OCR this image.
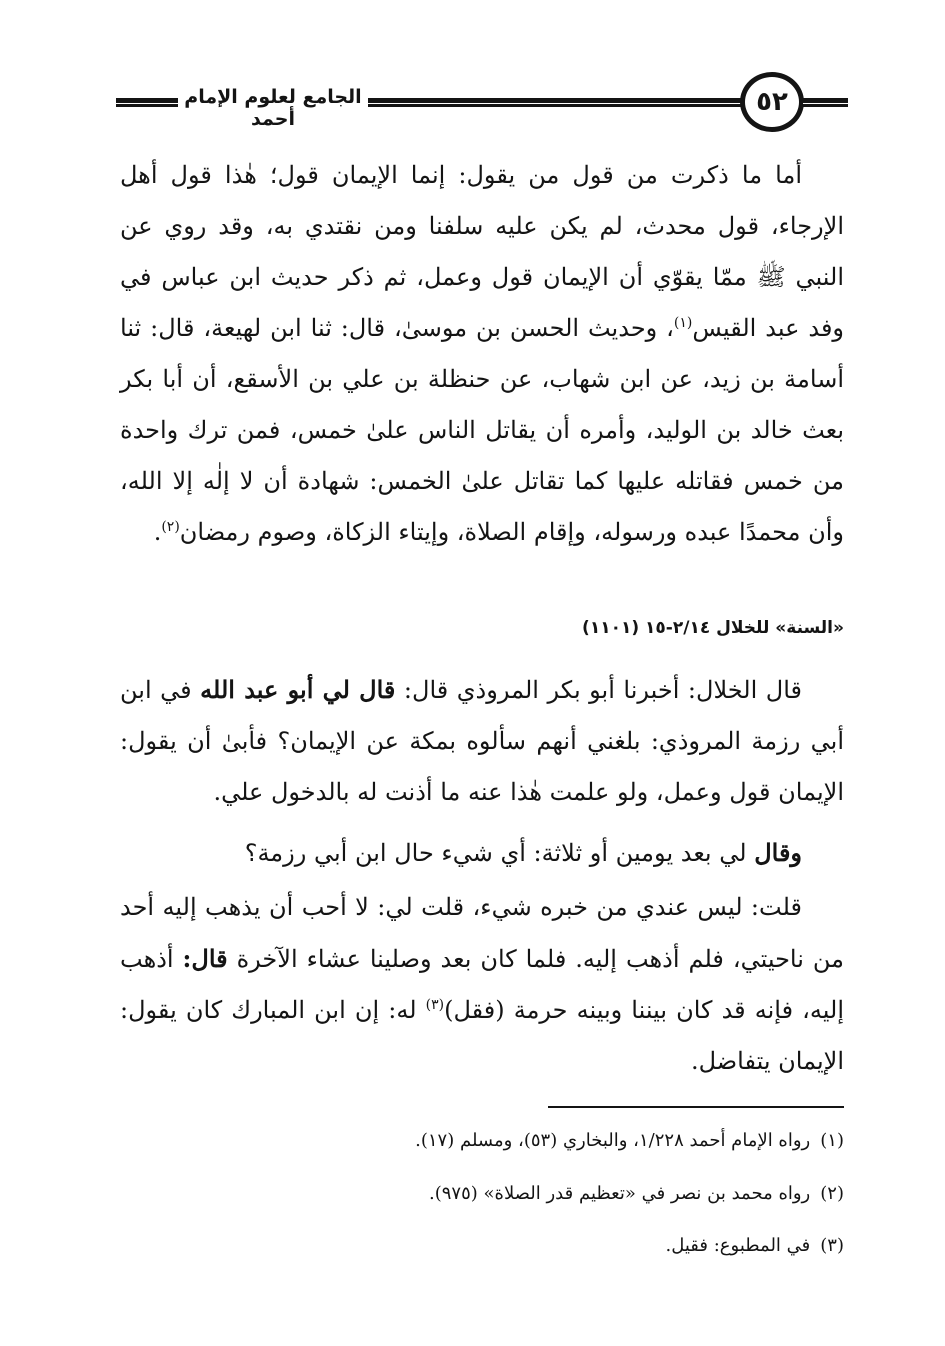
الجامع لعلوم الإمام أحمد
٥٢
أما ما ذكرت من قول من يقول: إنما الإيمان قول؛ هٰذا قول أهل الإرجاء، قول محدث، لم يكن عليه سلفنا ومن نقتدي به، وقد روي عن النبي ﷺ ممّا يقوّي أن الإيمان قول وعمل، ثم ذكر حديث ابن عباس في وفد عبد القيس$^{(١)}$، وحديث الحسن بن موسىٰ، قال: ثنا ابن لهيعة، قال: ثنا أسامة بن زيد، عن ابن شهاب، عن حنظلة بن علي بن الأسقع، أن أبا بكر بعث خالد بن الوليد، وأمره أن يقاتل الناس علىٰ خمس، فمن ترك واحدة من خمس فقاتله عليها كما تقاتل علىٰ الخمس: شهادة أن لا إلٰه إلا الله، وأن محمدًا عبده ورسوله، وإقام الصلاة، وإيتاء الزكاة، وصوم رمضان$^{(٢)}$.
«السنة» للخلال ٢/١٤-١٥ (١١٠١)
قال الخلال: أخبرنا أبو بكر المروذي قال: قال لي أبو عبد الله في ابن أبي رزمة المروذي: بلغني أنهم سألوه بمكة عن الإيمان؟ فأبىٰ أن يقول: الإيمان قول وعمل، ولو علمت هٰذا عنه ما أذنت له بالدخول علي.
وقال لي بعد يومين أو ثلاثة: أي شيء حال ابن أبي رزمة؟
قلت: ليس عندي من خبره شيء، قلت لي: لا أحب أن يذهب إليه أحد من ناحيتي، فلم أذهب إليه. فلما كان بعد وصلينا عشاء الآخرة قال: أذهب إليه، فإنه قد كان بيننا وبينه حرمة (فقل)$^{(٣)}$ له: إن ابن المبارك كان يقول: الإيمان يتفاضل.
(١)رواه الإمام أحمد ١/٢٢٨، والبخاري (٥٣)، ومسلم (١٧).
(٢)رواه محمد بن نصر في «تعظيم قدر الصلاة» (٩٧٥).
(٣)في المطبوع: فقيل.
